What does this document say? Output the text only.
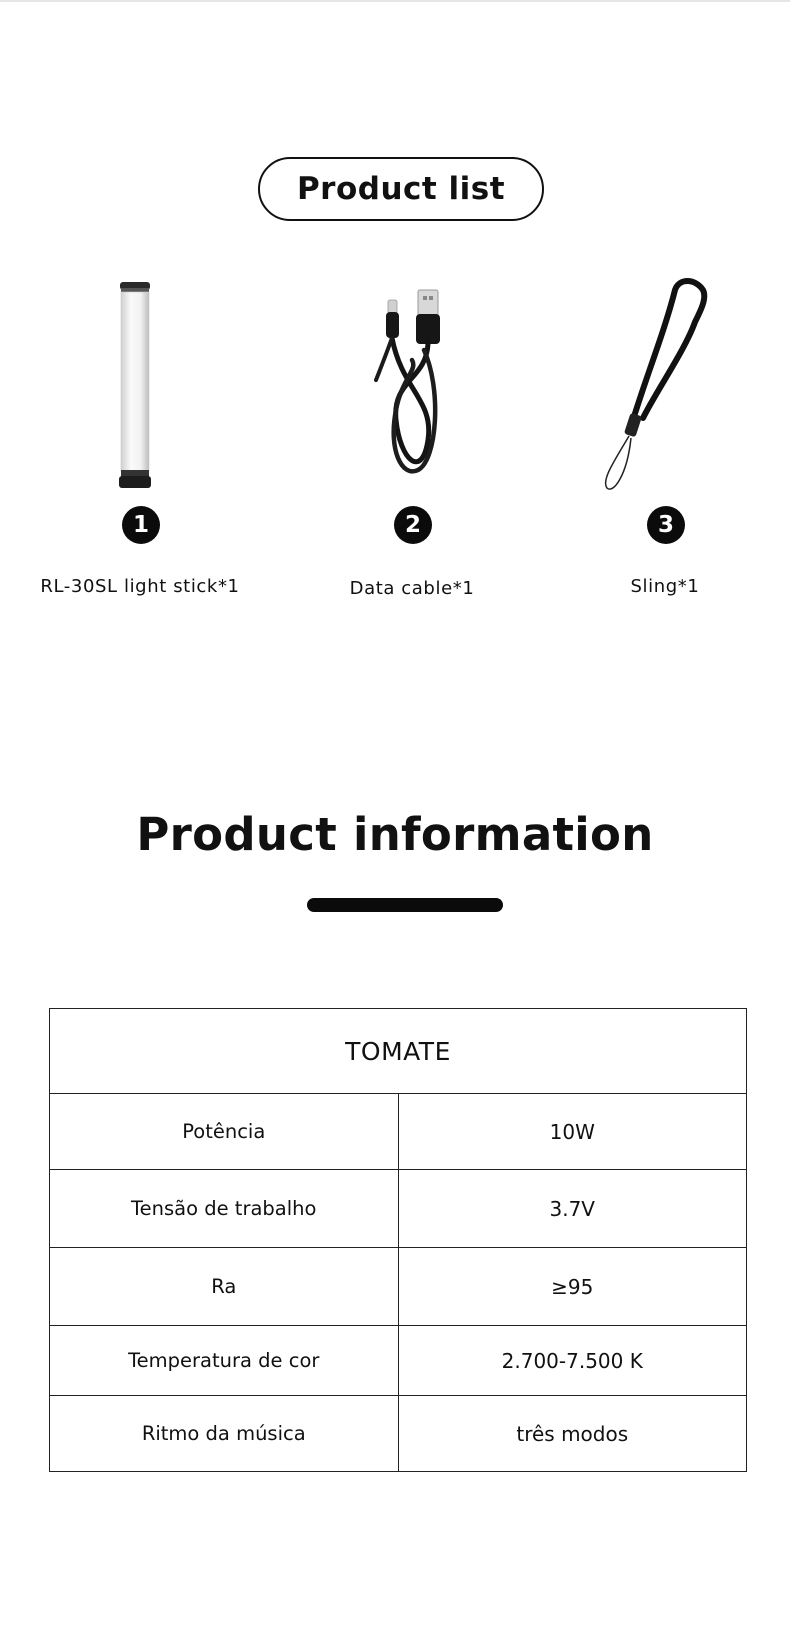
Product list
1
RL-30SL light stick*1
2
Data cable*1
3
Sling*1
Product information
TOMATE	
Potência	10W
Tensão de trabalho	3.7V
Ra	≥95
Temperatura de cor	2.700-7.500 K
Ritmo da música	três modos
